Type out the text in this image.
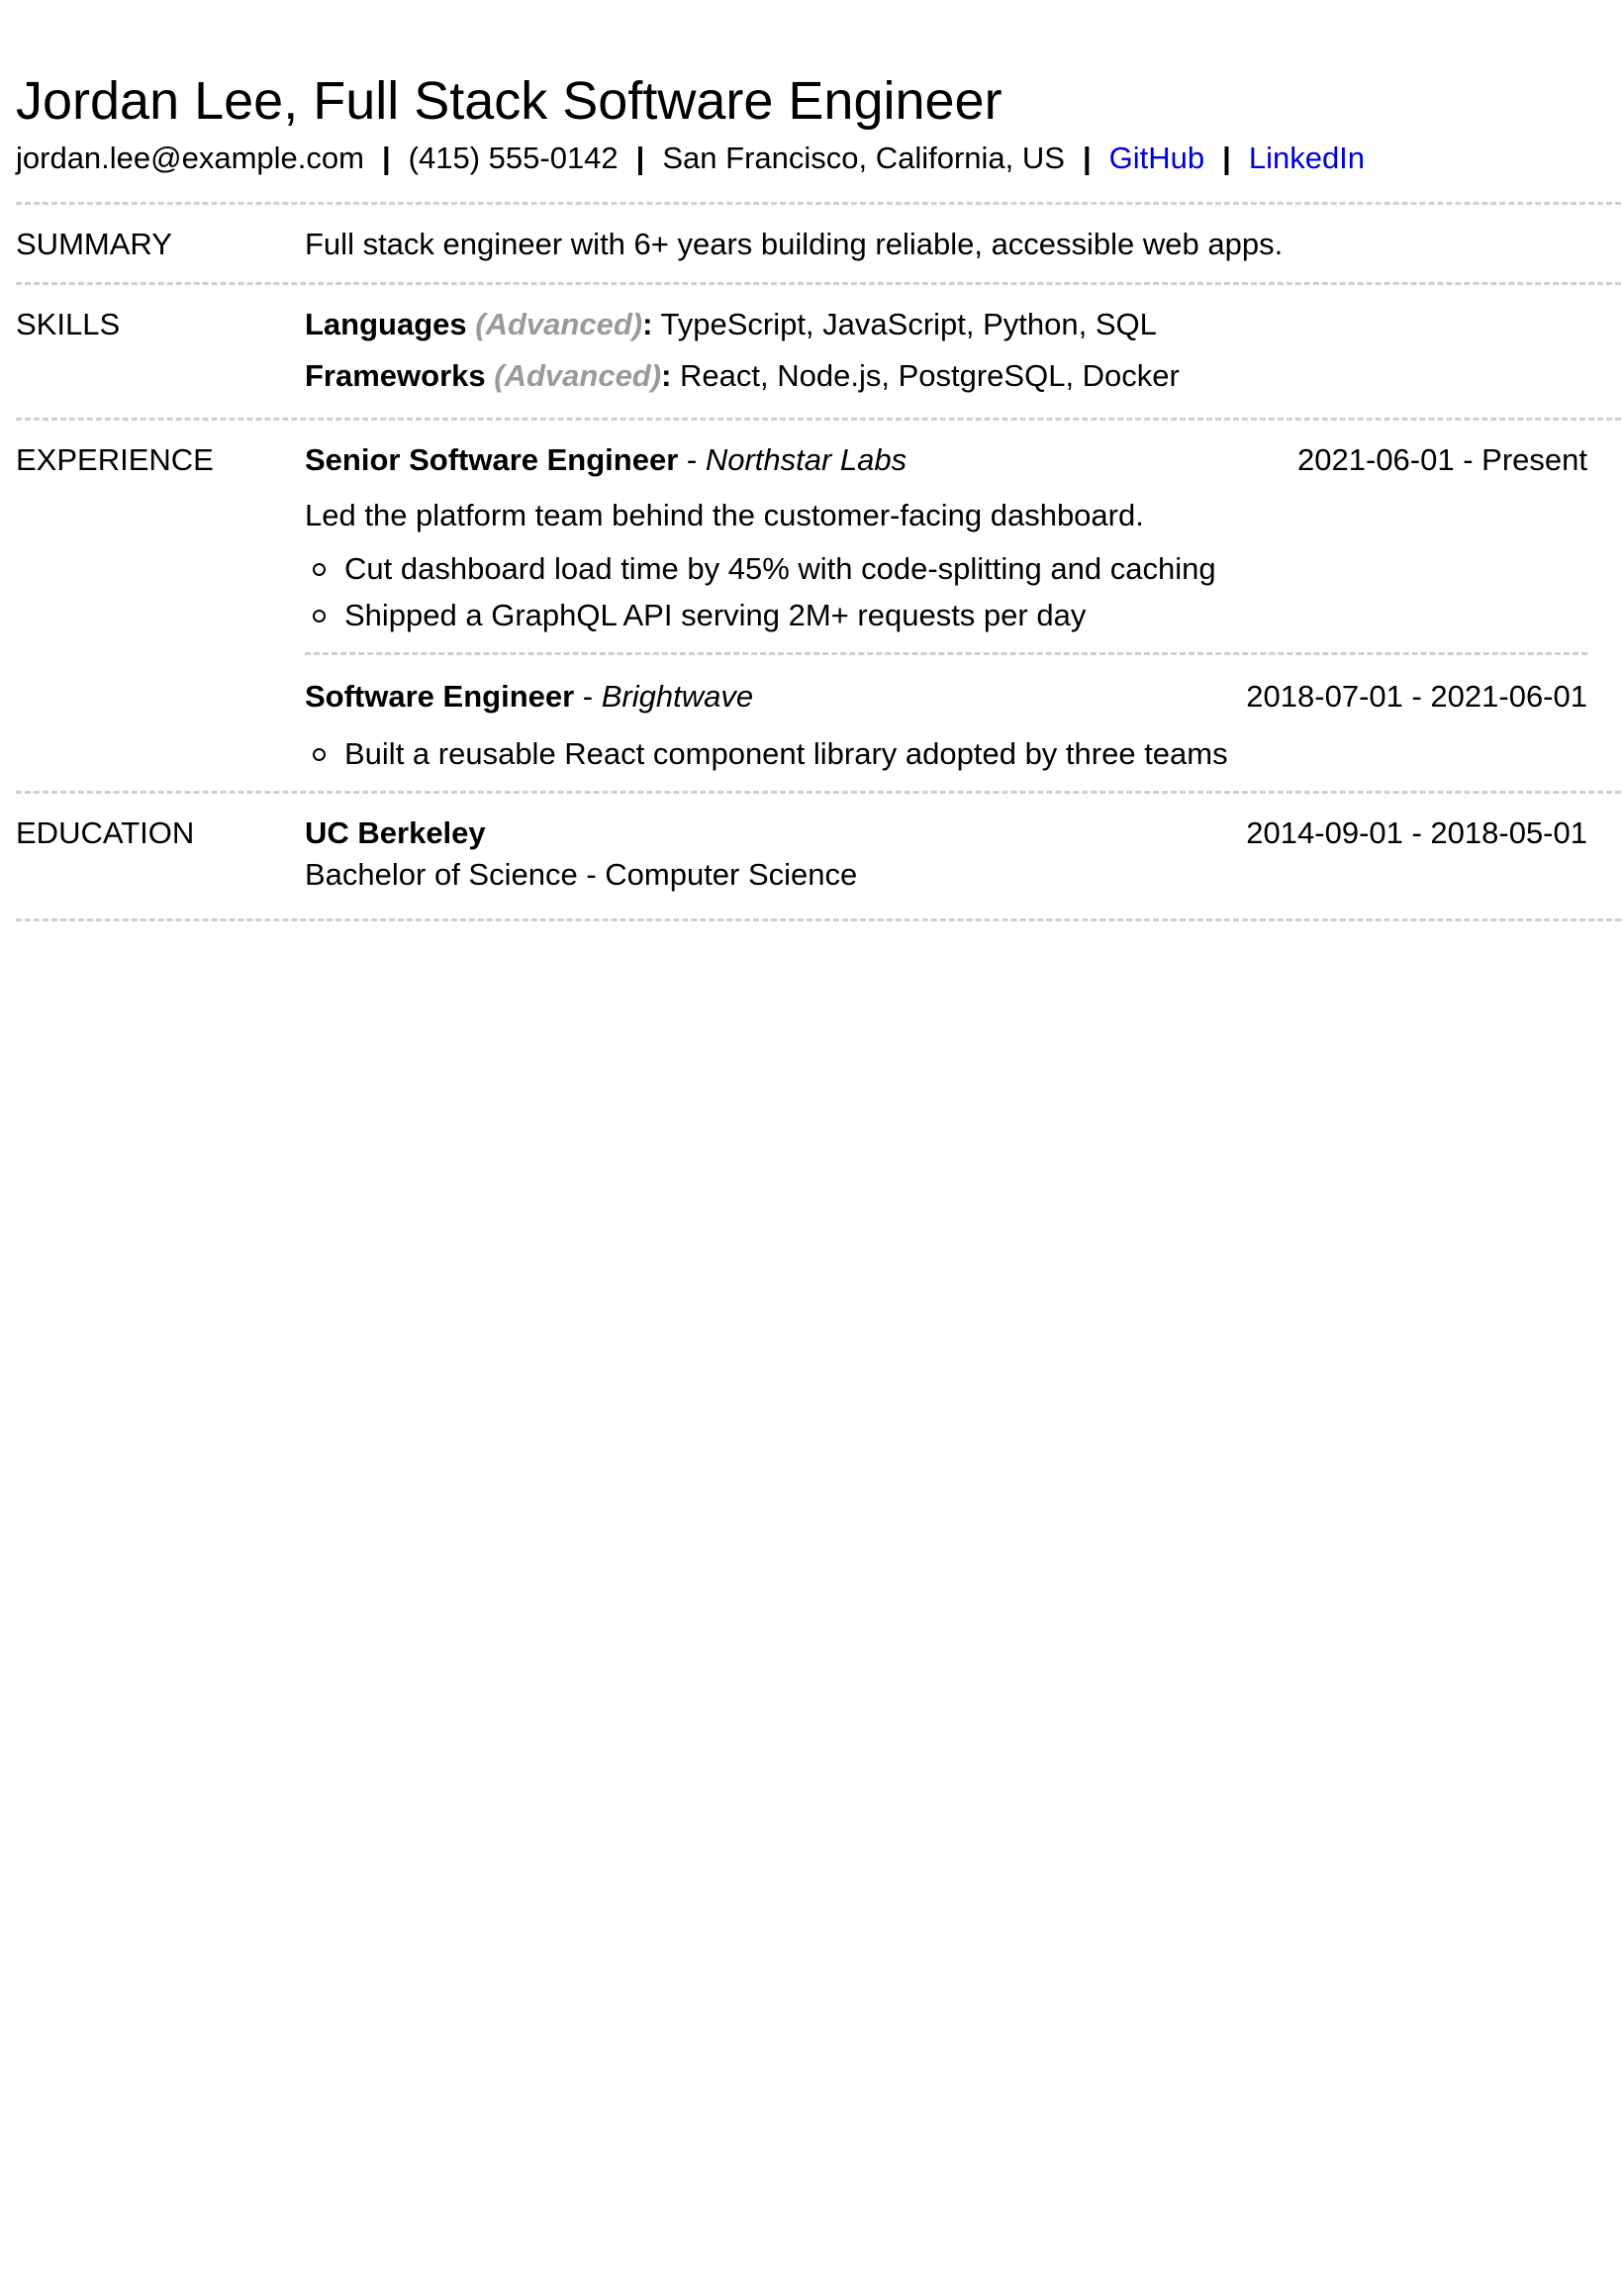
Jordan Lee, Full Stack Software Engineer
jordan.lee@example.com | (415) 555-0142 | San Francisco, California, US | GitHub | LinkedIn
SUMMARY	Full stack engineer with 6+ years building reliable, accessible web apps.
SKILLS	Languages (Advanced): TypeScript, JavaScript, Python, SQL
Frameworks (Advanced): React, Node.js, PostgreSQL, Docker
EXPERIENCE	Senior Software Engineer - Northstar Labs	2021-06-01 - Present
Led the platform team behind the customer-facing dashboard.
Cut dashboard load time by 45% with code-splitting and caching
Shipped a GraphQL API serving 2M+ requests per day
Software Engineer - Brightwave	2018-07-01 - 2021-06-01
Built a reusable React component library adopted by three teams
EDUCATION	UC Berkeley	2014-09-01 - 2018-05-01
Bachelor of Science - Computer Science
